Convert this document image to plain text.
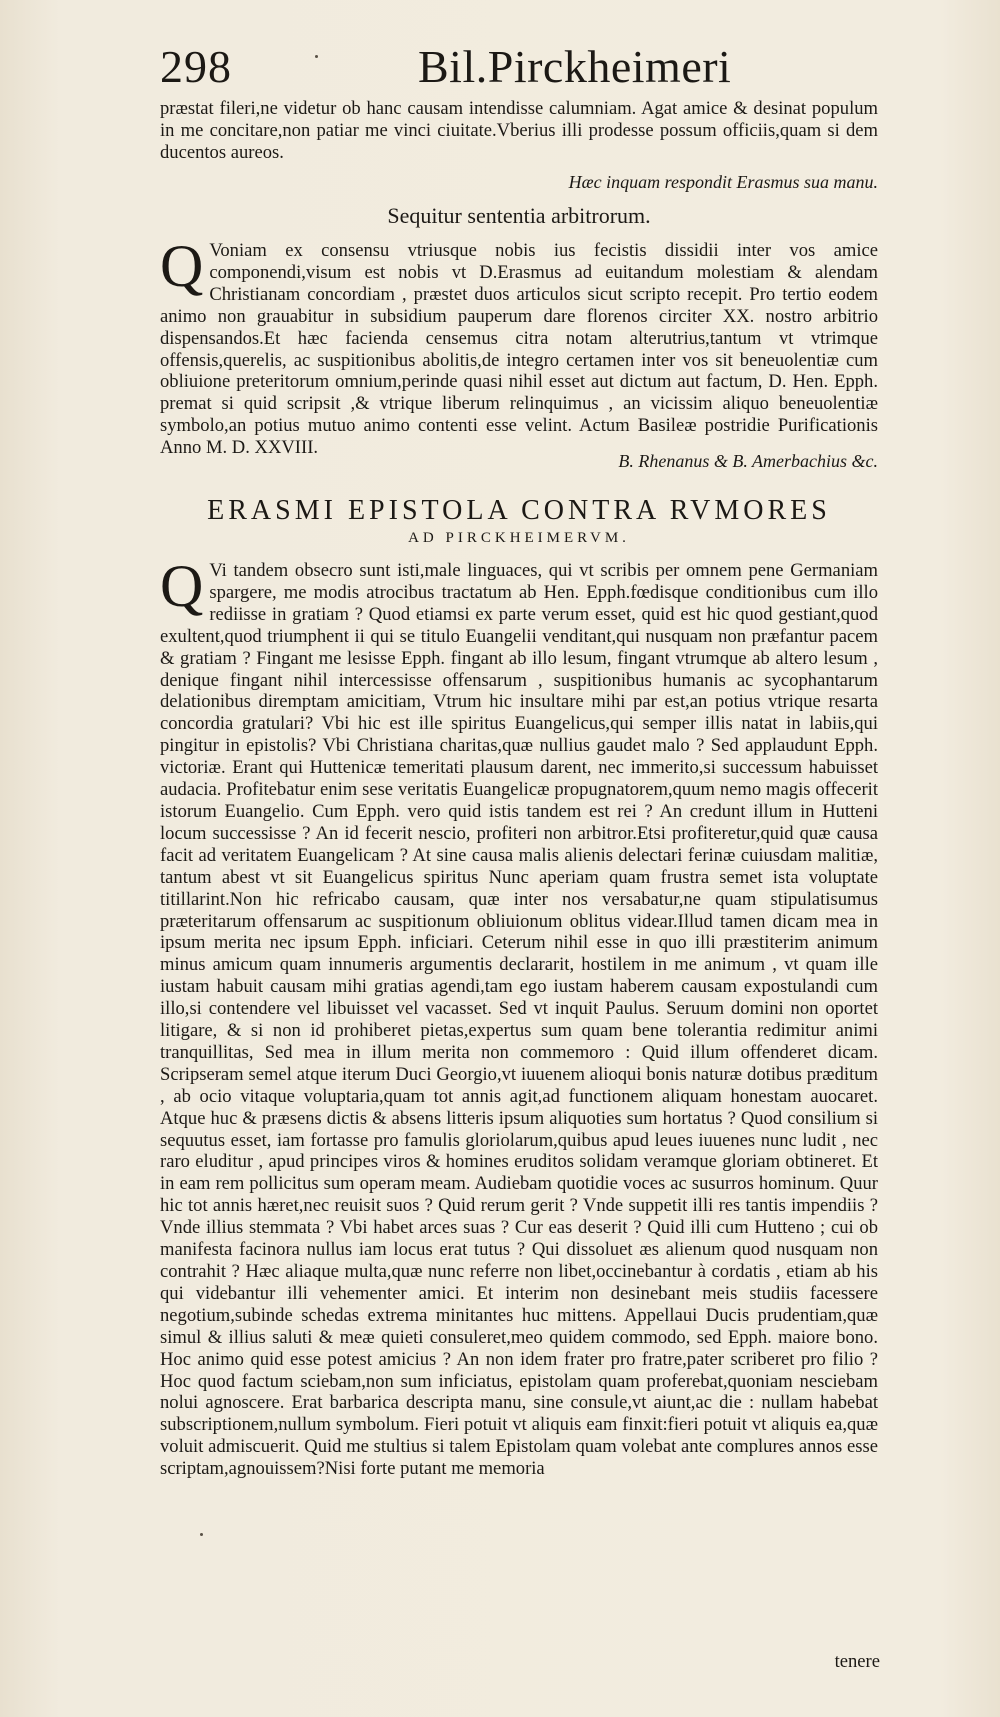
298	Bil.Pirckheimeri

præstat fileri,ne videtur ob hanc causam intendisse calumniam. Agat amice & desinat populum in me concitare,non patiar me vinci ciuitate.Vberius illi prodesse possum officiis,quam si dem ducentos aureos.

Hæc inquam respondit Erasmus sua manu.
Sequitur sententia arbitrorum.
Q Voniam ex consensu vtriusque nobis ius fecistis dissidii inter vos amice componendi,visum est nobis vt D.Erasmus ad euitandum molestiam & alendam Christianam concordiam , præstet duos articulos sicut scripto recepit. Pro tertio eodem animo non grauabitur in subsidium pauperum dare florenos circiter XX. nostro arbitrio dispensandos.Et hæc facienda censemus citra notam alterutrius,tantum vt vtrimque offensis,querelis, ac suspitionibus abolitis,de integro certamen inter vos sit beneuolentiæ cum obliuione preteritorum omnium,perinde quasi nihil esset aut dictum aut factum, D. Hen. Epph. premat si quid scripsit ,& vtrique liberum relinquimus , an vicissim aliquo beneuolentiæ symbolo,an potius mutuo animo contenti esse velint. Actum Basileæ postridie Purificationis Anno M. D. XXVIII.

B. Rhenanus & B. Amerbachius &c.
ERASMI EPISTOLA CONTRA RVMORES
AD PIRCKHEIMERVM.
Q Vi tandem obsecro sunt isti,male linguaces, qui vt scribis per omnem pene Germaniam spargere, me modis atrocibus tractatum ab Hen. Epph.fœdisque conditionibus cum illo rediisse in gratiam ? Quod etiamsi ex parte verum esset, quid est hic quod gestiant,quod exultent,quod triumphent ii qui se titulo Euangelii venditant,qui nusquam non præfantur pacem & gratiam ? Fingant me lesisse Epph. fingant ab illo lesum, fingant vtrumque ab altero lesum , denique fingant nihil intercessisse offensarum , suspitionibus humanis ac sycophantarum delationibus diremptam amicitiam, Vtrum hic insultare mihi par est,an potius vtrique resarta concordia gratulari? Vbi hic est ille spiritus Euangelicus,qui semper illis natat in labiis,qui pingitur in epistolis? Vbi Christiana charitas,quæ nullius gaudet malo ? Sed applaudunt Epph. victoriæ. Erant qui Huttenicæ temeritati plausum darent, nec immerito,si successum habuisset audacia. Profitebatur enim sese veritatis Euangelicæ propugnatorem,quum nemo magis offecerit istorum Euangelio. Cum Epph. vero quid istis tandem est rei ? An credunt illum in Hutteni locum successisse ? An id fecerit nescio, profiteri non arbitror.Etsi profiteretur,quid quæ causa facit ad veritatem Euangelicam ? At sine causa malis alienis delectari ferinæ cuiusdam malitiæ, tantum abest vt sit Euangelicus spiritus Nunc aperiam quam frustra semet ista voluptate titillarint.Non hic refricabo causam, quæ inter nos versabatur,ne quam stipulatisumus præteritarum offensarum ac suspitionum obliuionum oblitus videar.Illud tamen dicam mea in ipsum merita nec ipsum Epph. inficiari. Ceterum nihil esse in quo illi præstiterim animum minus amicum quam innumeris argumentis declararit, hostilem in me animum , vt quam ille iustam habuit causam mihi gratias agendi,tam ego iustam haberem causam expostulandi cum illo,si contendere vel libuisset vel vacasset. Sed vt inquit Paulus. Seruum domini non oportet litigare, & si non id prohiberet pietas,expertus sum quam bene tolerantia redimitur animi tranquillitas, Sed mea in illum merita non commemoro : Quid illum offenderet dicam. Scripseram semel atque iterum Duci Georgio,vt iuuenem alioqui bonis naturæ dotibus præditum , ab ocio vitaque voluptaria,quam tot annis agit,ad functionem aliquam honestam auocaret. Atque huc & præsens dictis & absens litteris ipsum aliquoties sum hortatus ? Quod consilium si sequutus esset, iam fortasse pro famulis gloriolarum,quibus apud leues iuuenes nunc ludit , nec raro eluditur , apud principes viros & homines eruditos solidam veramque gloriam obtineret. Et in eam rem pollicitus sum operam meam. Audiebam quotidie voces ac susurros hominum. Quur hic tot annis hæret,nec reuisit suos ? Quid rerum gerit ? Vnde suppetit illi res tantis impendiis ? Vnde illius stemmata ? Vbi habet arces suas ? Cur eas deserit ? Quid illi cum Hutteno ; cui ob manifesta facinora nullus iam locus erat tutus ? Qui dissoluet æs alienum quod nusquam non contrahit ? Hæc aliaque multa,quæ nunc referre non libet,occinebantur à cordatis , etiam ab his qui videbantur illi vehementer amici. Et interim non desinebant meis studiis facessere negotium,subinde schedas extrema minitantes huc mittens. Appellaui Ducis prudentiam,quæ simul & illius saluti & meæ quieti consuleret,meo quidem commodo, sed Epph. maiore bono. Hoc animo quid esse potest amicius ? An non idem frater pro fratre,pater scriberet pro filio ? Hoc quod factum sciebam,non sum inficiatus, epistolam quam proferebat,quoniam nesciebam nolui agnoscere. Erat barbarica descripta manu, sine consule,vt aiunt,ac die : nullam habebat subscriptionem,nullum symbolum. Fieri potuit vt aliquis eam finxit:fieri potuit vt aliquis ea,quæ voluit admiscuerit. Quid me stultius si talem Epistolam quam volebat ante complures annos esse scriptam,agnouissem?Nisi forte putant me memoria

tenere
